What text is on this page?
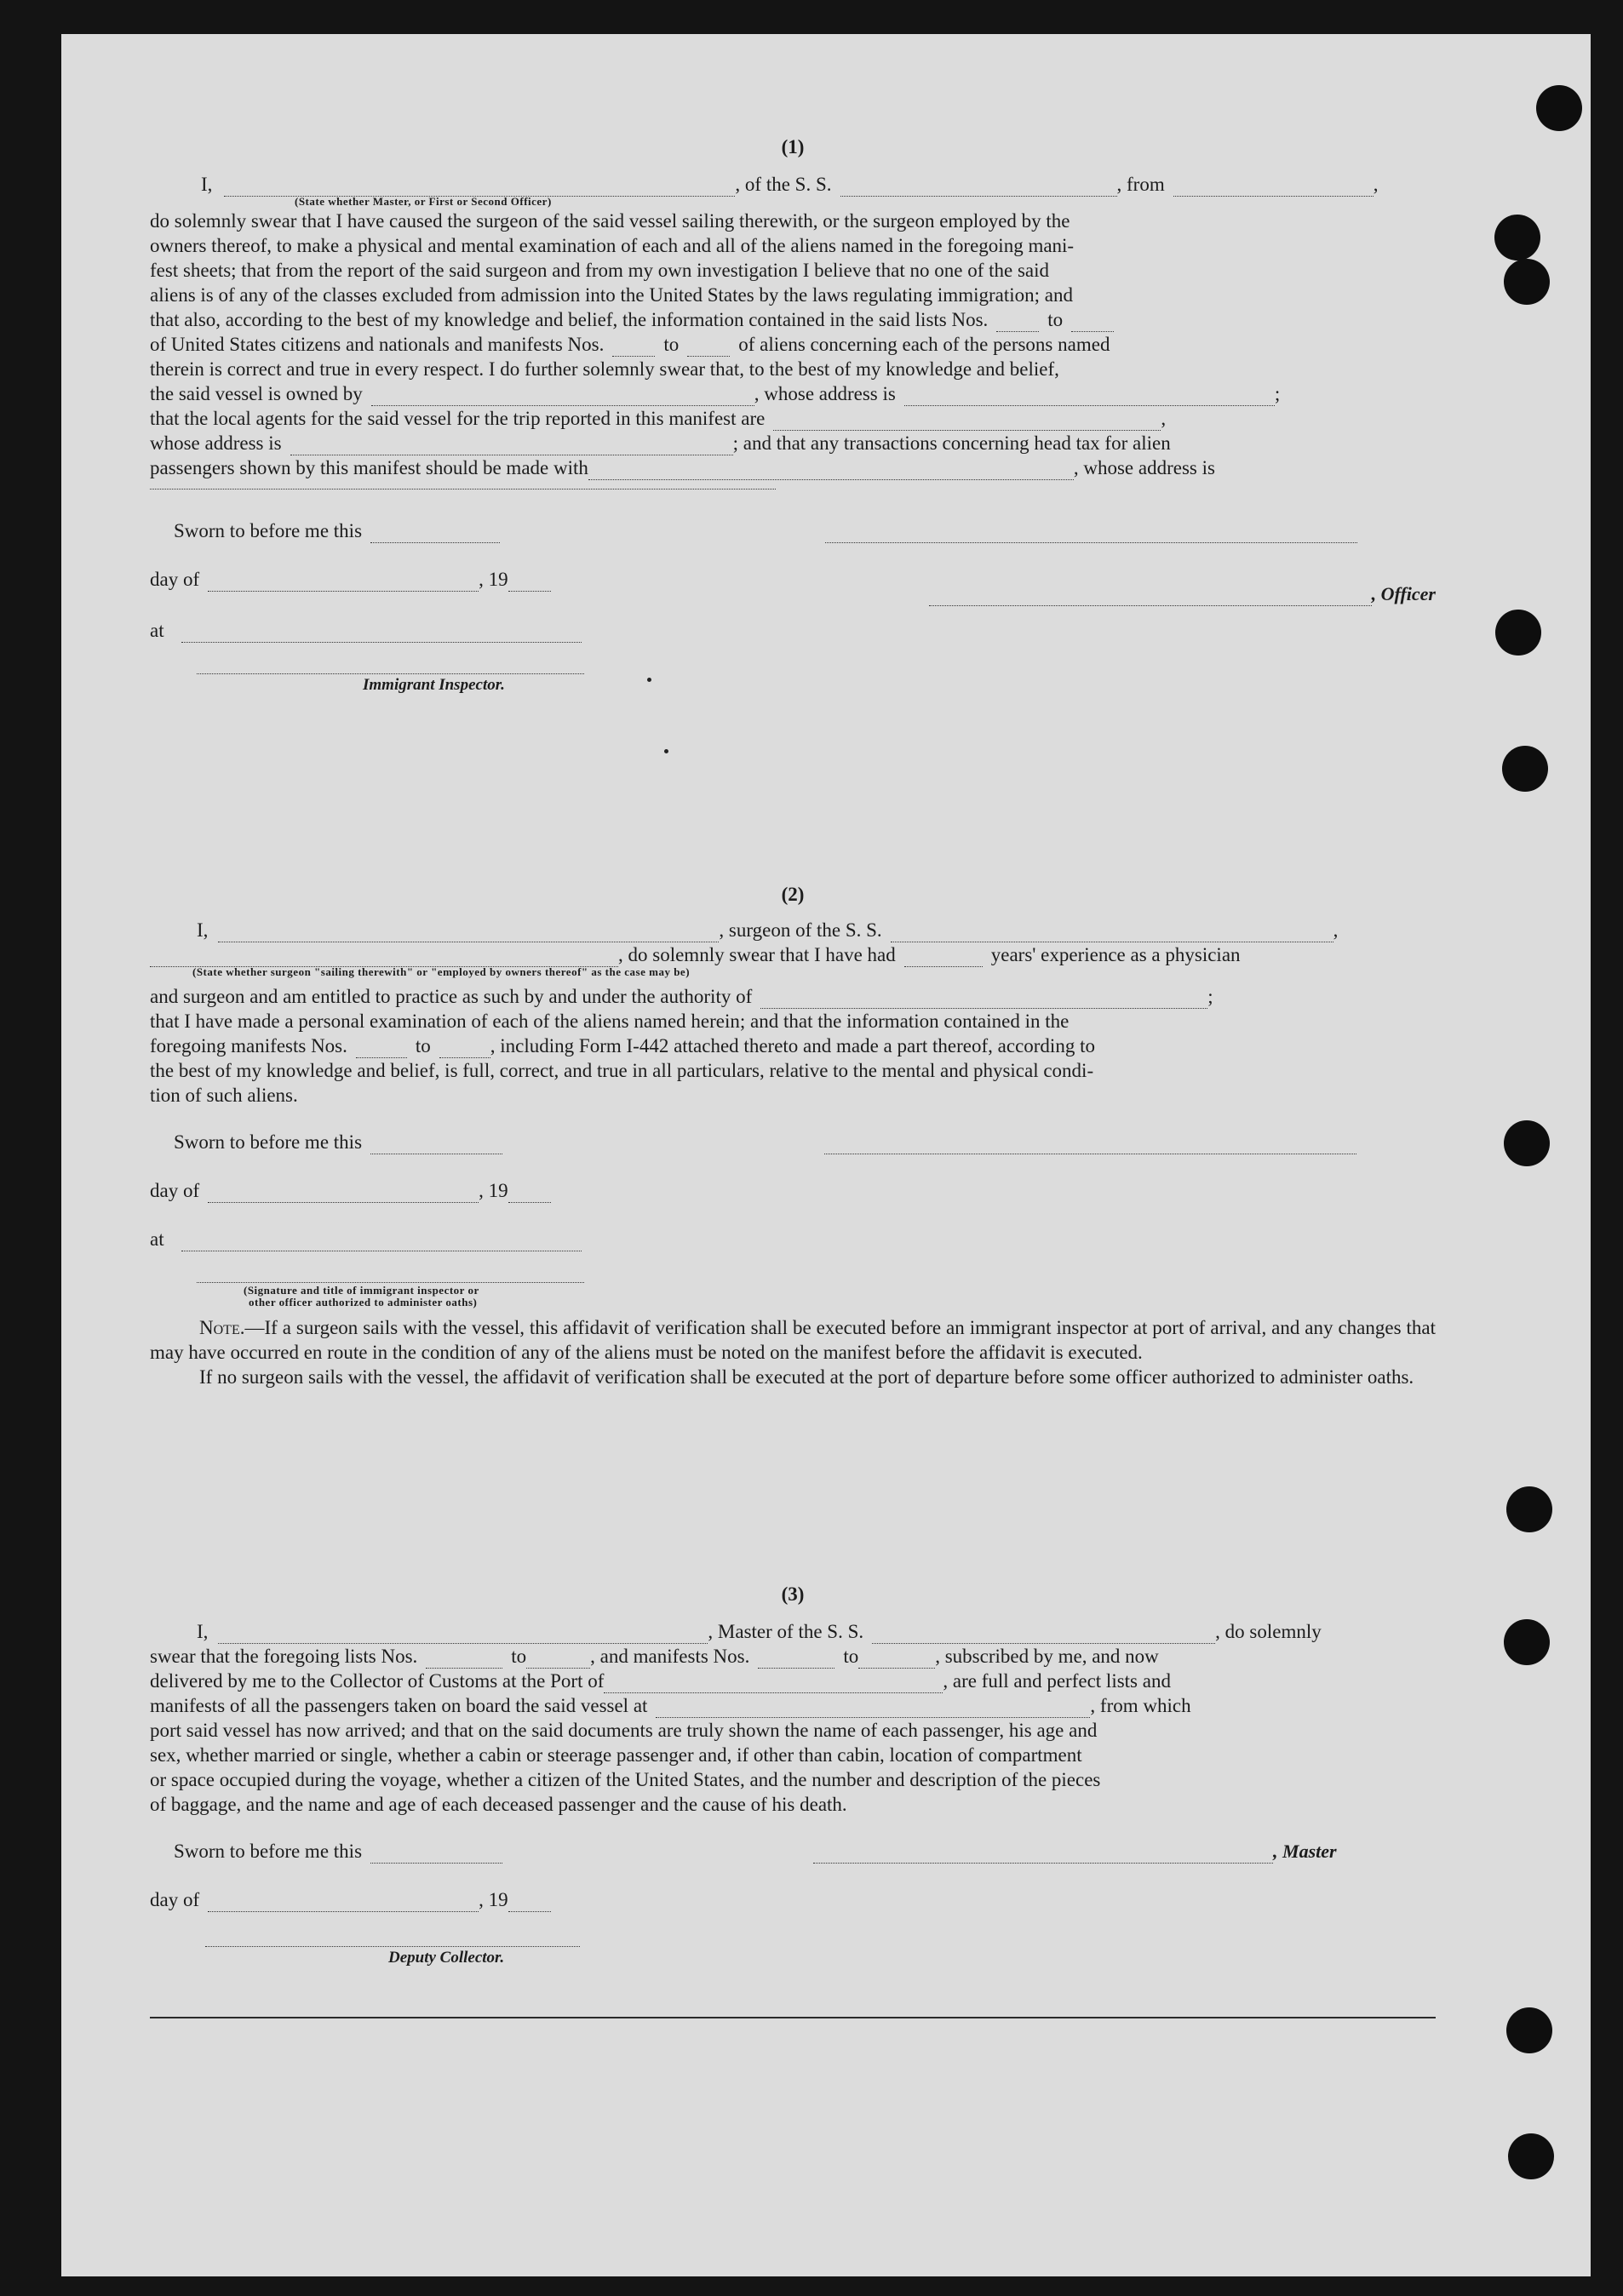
(1)
I,	, of the S. S.	, from	,
(State whether Master, or First or Second Officer)
do solemnly swear that I have caused the surgeon of the said vessel sailing therewith, or the surgeon employed by the
owners thereof, to make a physical and mental examination of each and all of the aliens named in the foregoing mani-
fest sheets; that from the report of the said surgeon and from my own investigation I believe that no one of the said
aliens is of any of the classes excluded from admission into the United States by the laws regulating immigration; and
that also, according to the best of my knowledge and belief, the information contained in the said lists Nos.	to
of United States citizens and nationals and manifests Nos.	to	of aliens concerning each of the persons named
therein is correct and true in every respect. I do further solemnly swear that, to the best of my knowledge and belief,
the said vessel is owned by	, whose address is	;
that the local agents for the said vessel for the trip reported in this manifest are	,
whose address is	; and that any transactions concerning head tax for alien
passengers shown by this manifest should be made with	, whose address is
Sworn to before me this
day of	, 19
, Officer
at
Immigrant Inspector.
(2)
I,	, surgeon of the S. S.	,
, do solemnly swear that I have had	years' experience as a physician
(State whether surgeon "sailing therewith" or "employed by owners thereof" as the case may be)
and surgeon and am entitled to practice as such by and under the authority of	;
that I have made a personal examination of each of the aliens named herein; and that the information contained in the
foregoing manifests Nos.	to	, including Form I-442 attached thereto and made a part thereof, according to
the best of my knowledge and belief, is full, correct, and true in all particulars, relative to the mental and physical condi-
tion of such aliens.
Sworn to before me this
day of	, 19
at
(Signature and title of immigrant inspector or
other officer authorized to administer oaths)
Note.—If a surgeon sails with the vessel, this affidavit of verification shall be executed before an immigrant inspector at port of arrival, and any changes that may have occurred en route in the condition of any of the aliens must be noted on the manifest before the affidavit is executed.
If no surgeon sails with the vessel, the affidavit of verification shall be executed at the port of departure before some officer authorized to administer oaths.
(3)
I,	, Master of the S. S.	, do solemnly
swear that the foregoing lists Nos.	to	, and manifests Nos.	to	, subscribed by me, and now
delivered by me to the Collector of Customs at the Port of	, are full and perfect lists and
manifests of all the passengers taken on board the said vessel at	, from which
port said vessel has now arrived; and that on the said documents are truly shown the name of each passenger, his age and
sex, whether married or single, whether a cabin or steerage passenger and, if other than cabin, location of compartment
or space occupied during the voyage, whether a citizen of the United States, and the number and description of the pieces
of baggage, and the name and age of each deceased passenger and the cause of his death.
Sworn to before me this	, Master
day of	, 19
Deputy Collector.
